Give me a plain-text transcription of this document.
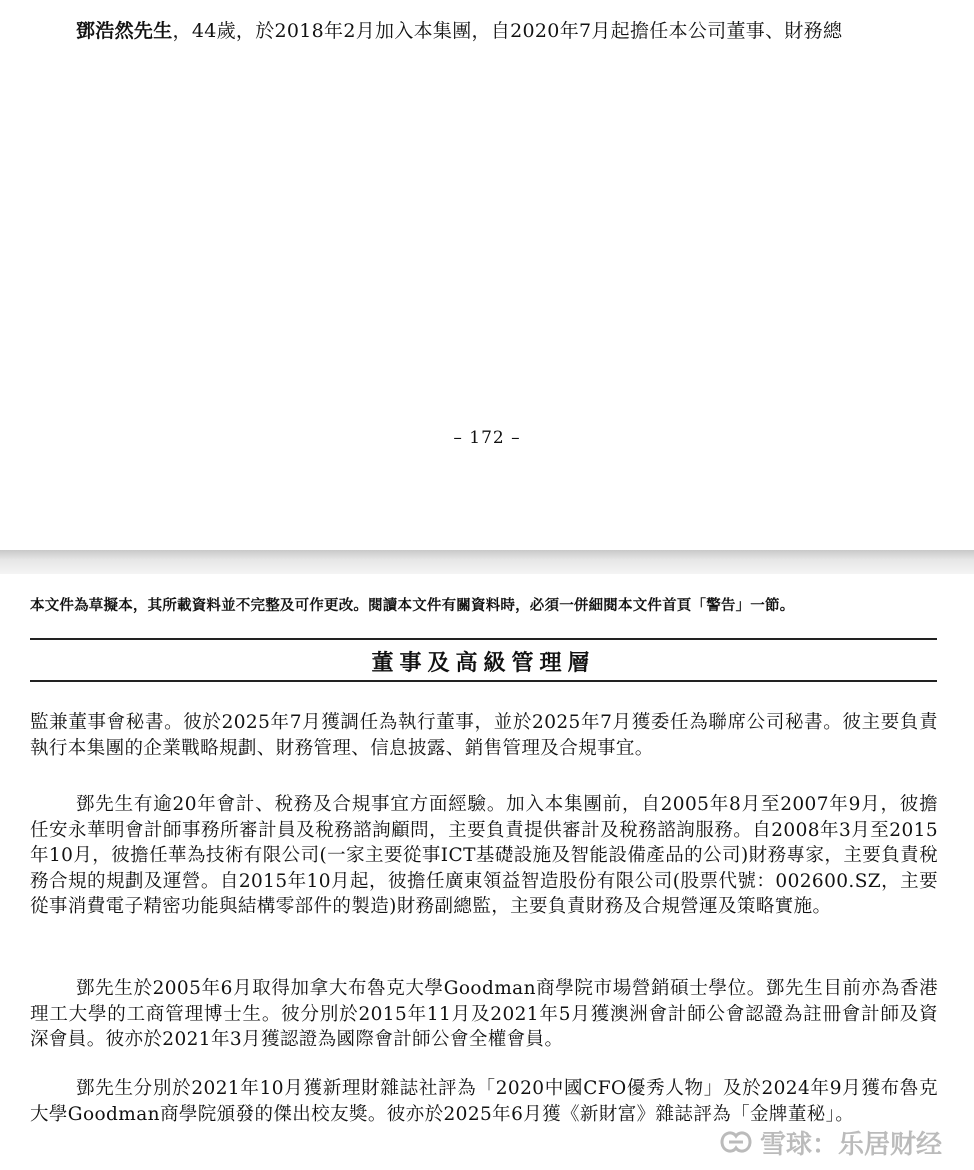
鄧浩然先生，44歲，於2018年2月加入本集團，自2020年7月起擔任本公司董事、財務總
– 172 –
本文件為草擬本，其所載資料並不完整及可作更改。閱讀本文件有關資料時，必須一併細閱本文件首頁「警告」一節。
董事及高級管理層

監兼董事會秘書。彼於2025年7月獲調任為執行董事，並於2025年7月獲委任為聯席公司秘書。彼主要負責執行本集團的企業戰略規劃、財務管理、信息披露、銷售管理及合規事宜。

鄧先生有逾20年會計、稅務及合規事宜方面經驗。加入本集團前，自2005年8月至2007年9月，彼擔任安永華明會計師事務所審計員及稅務諮詢顧問，主要負責提供審計及稅務諮詢服務。自2008年3月至2015年10月，彼擔任華為技術有限公司(一家主要從事ICT基礎設施及智能設備產品的公司)財務專家，主要負責稅務合規的規劃及運營。自2015年10月起，彼擔任廣東領益智造股份有限公司(股票代號：002600.SZ，主要從事消費電子精密功能與結構零部件的製造)財務副總監，主要負責財務及合規營運及策略實施。

鄧先生於2005年6月取得加拿大布魯克大學Goodman商學院市場營銷碩士學位。鄧先生目前亦為香港理工大學的工商管理博士生。彼分別於2015年11月及2021年5月獲澳洲會計師公會認證為註冊會計師及資深會員。彼亦於2021年3月獲認證為國際會計師公會全權會員。

鄧先生分別於2021年10月獲新理財雜誌社評為「2020中國CFO優秀人物」及於2024年9月獲布魯克大學Goodman商學院頒發的傑出校友獎。彼亦於2025年6月獲《新財富》雜誌評為「金牌董秘」。

雪球：乐居财经
